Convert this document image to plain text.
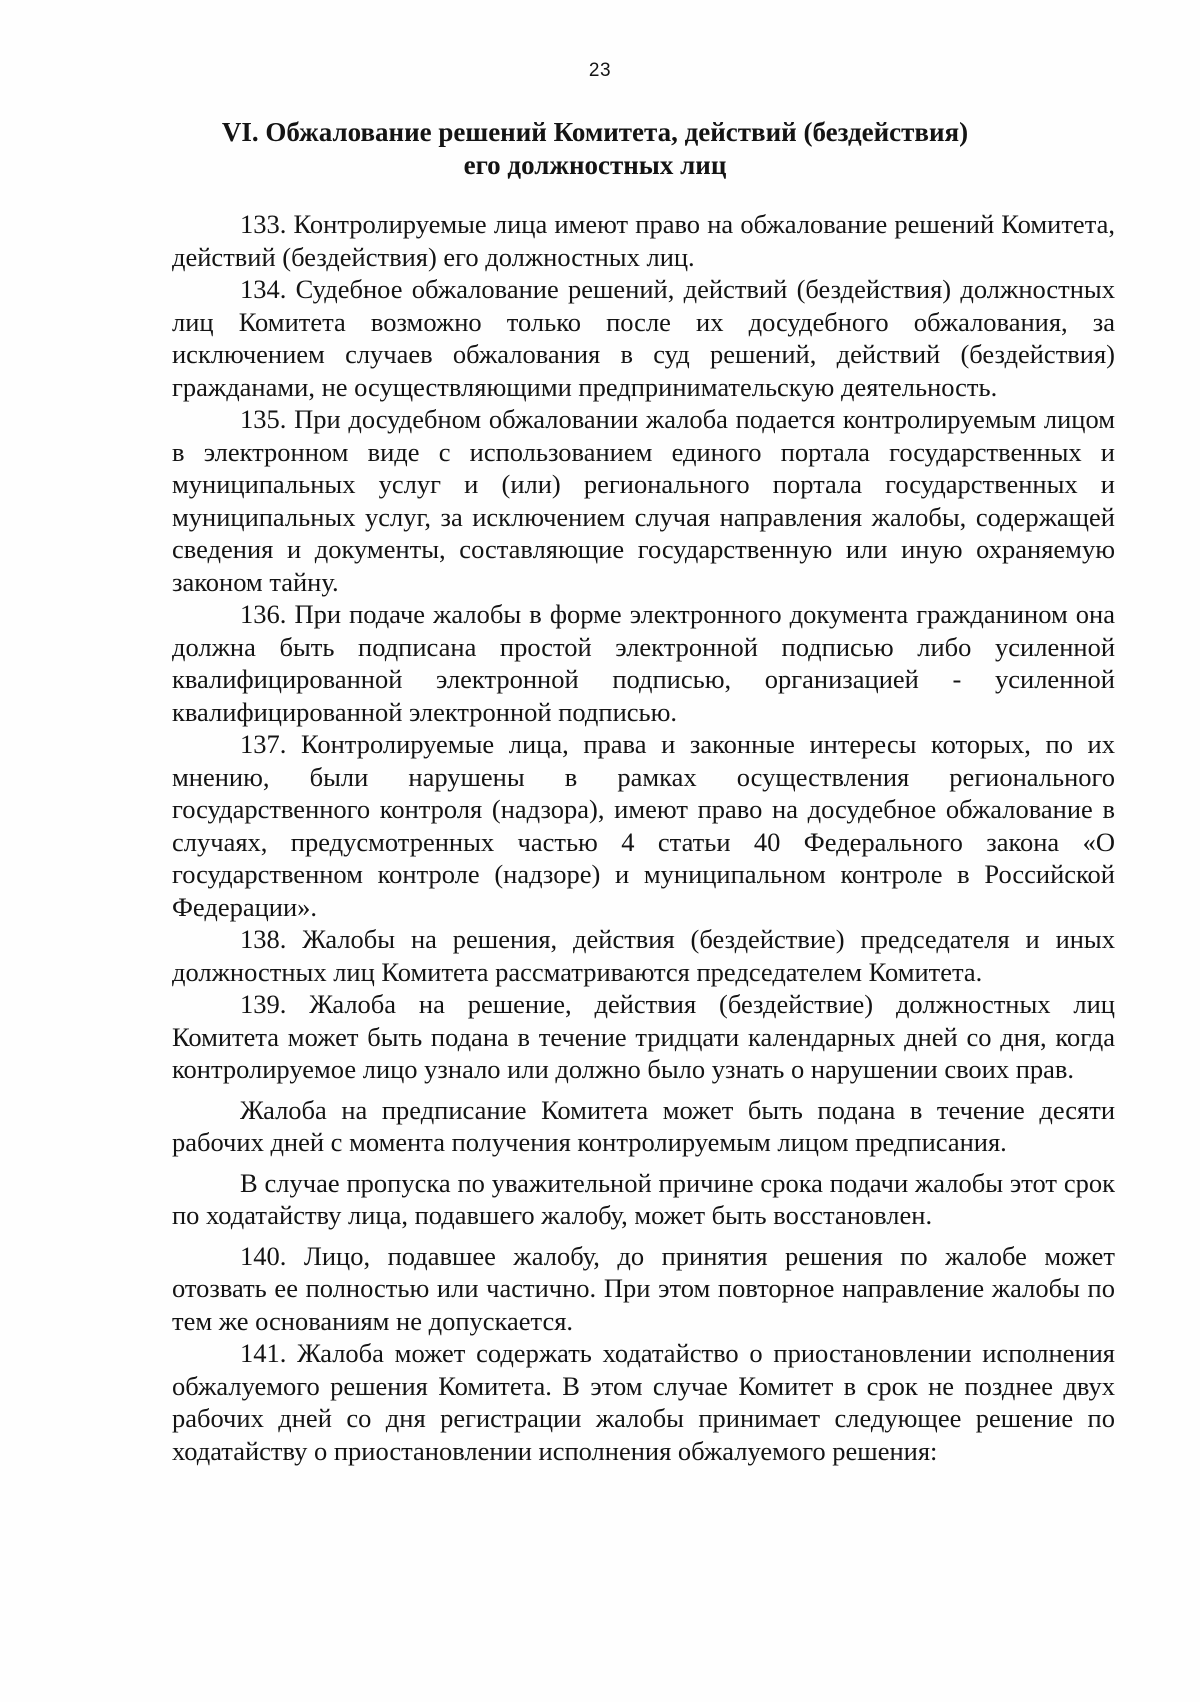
23
VI. Обжалование решений Комитета, действий (бездействия)
его должностных лиц

133. Контролируемые лица имеют право на обжалование решений Комитета, действий (бездействия) его должностных лиц.

134. Судебное обжалование решений, действий (бездействия) должностных лиц Комитета возможно только после их досудебного обжалования, за исключением случаев обжалования в суд решений, действий (бездействия) гражданами, не осуществляющими предпринимательскую деятельность.

135. При досудебном обжаловании жалоба подается контролируемым лицом в электронном виде с использованием единого портала государственных и муниципальных услуг и (или) регионального портала государственных и муниципальных услуг, за исключением случая направления жалобы, содержащей сведения и документы, составляющие государственную или иную охраняемую законом тайну.

136. При подаче жалобы в форме электронного документа гражданином она должна быть подписана простой электронной подписью либо усиленной квалифицированной электронной подписью, организацией - усиленной квалифицированной электронной подписью.

137. Контролируемые лица, права и законные интересы которых, по их мнению, были нарушены в рамках осуществления регионального государственного контроля (надзора), имеют право на досудебное обжалование в случаях, предусмотренных частью 4 статьи 40 Федерального закона «О государственном контроле (надзоре) и муниципальном контроле в Российской Федерации».

138. Жалобы на решения, действия (бездействие) председателя и иных должностных лиц Комитета рассматриваются председателем Комитета.

139. Жалоба на решение, действия (бездействие) должностных лиц Комитета может быть подана в течение тридцати календарных дней со дня, когда контролируемое лицо узнало или должно было узнать о нарушении своих прав.

Жалоба на предписание Комитета может быть подана в течение десяти рабочих дней с момента получения контролируемым лицом предписания.

В случае пропуска по уважительной причине срока подачи жалобы этот срок по ходатайству лица, подавшего жалобу, может быть восстановлен.

140. Лицо, подавшее жалобу, до принятия решения по жалобе может отозвать ее полностью или частично. При этом повторное направление жалобы по тем же основаниям не допускается.

141. Жалоба может содержать ходатайство о приостановлении исполнения обжалуемого решения Комитета. В этом случае Комитет в срок не позднее двух рабочих дней со дня регистрации жалобы принимает следующее решение по ходатайству о приостановлении исполнения обжалуемого решения:
